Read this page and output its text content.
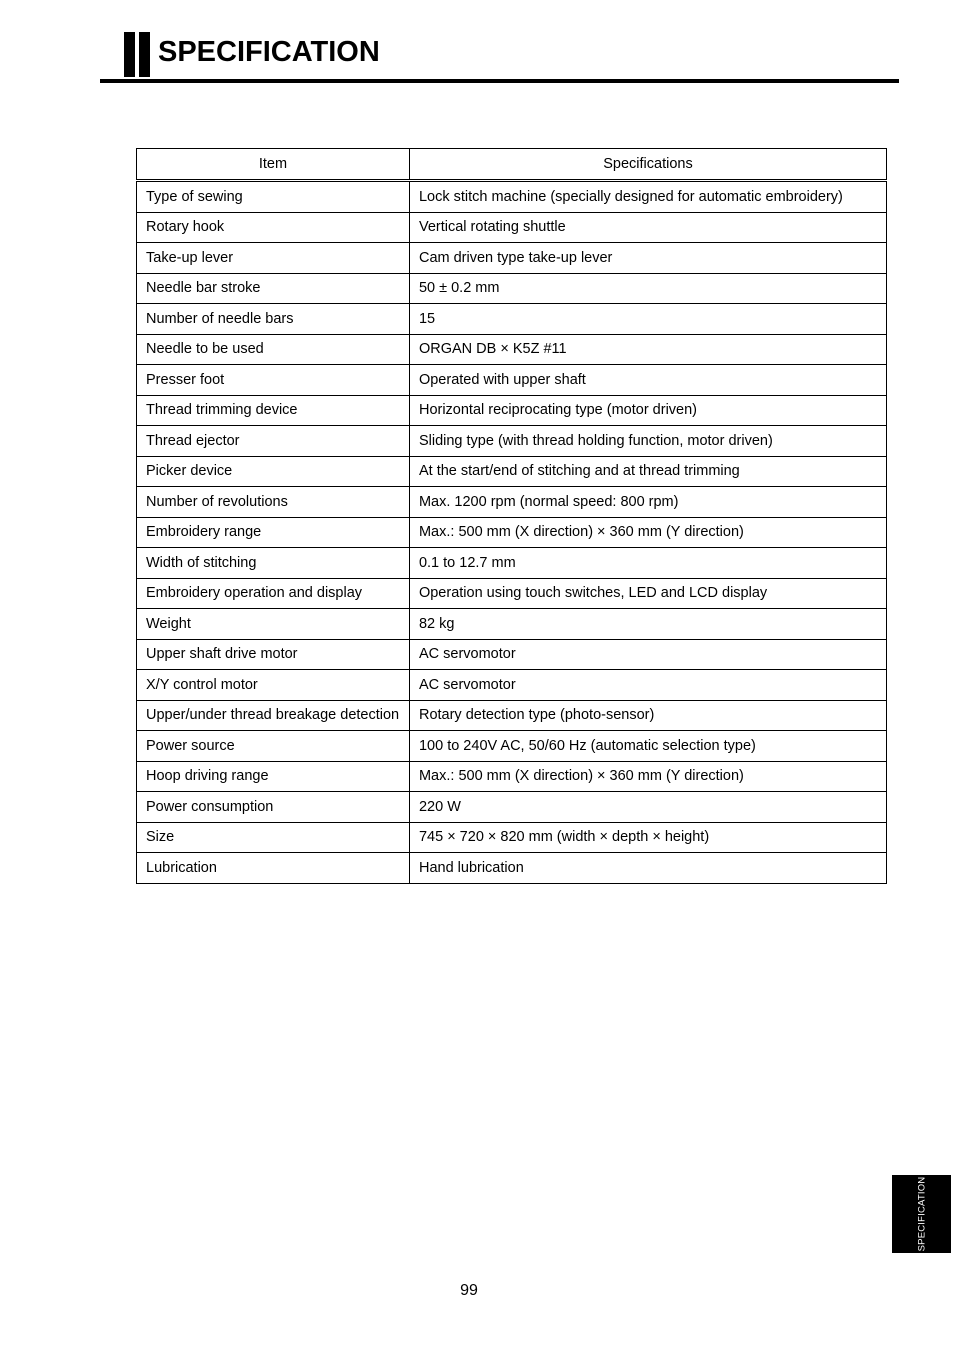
SPECIFICATION
Item	Specifications
Type of sewing	Lock stitch machine (specially designed for automatic embroidery)
Rotary hook	Vertical rotating shuttle
Take-up lever	Cam driven type take-up lever
Needle bar stroke	50 ± 0.2 mm
Number of needle bars	15
Needle to be used	ORGAN DB × K5Z #11
Presser foot	Operated with upper shaft
Thread trimming device	Horizontal reciprocating type (motor driven)
Thread ejector	Sliding type (with thread holding function, motor driven)
Picker device	At the start/end of stitching and at thread trimming
Number of revolutions	Max. 1200 rpm (normal speed: 800 rpm)
Embroidery range	Max.: 500 mm (X direction) × 360 mm (Y direction)
Width of stitching	0.1 to 12.7 mm
Embroidery operation and display	Operation using touch switches, LED and LCD display
Weight	82 kg
Upper shaft drive motor	AC servomotor
X/Y control motor	AC servomotor
Upper/under thread breakage detection	Rotary detection type (photo-sensor)
Power source	100 to 240V AC, 50/60 Hz (automatic selection type)
Hoop driving range	Max.: 500 mm (X direction) × 360 mm (Y direction)
Power consumption	220 W
Size	745 × 720 × 820 mm (width × depth × height)
Lubrication	Hand lubrication
SPECIFICATION
99
